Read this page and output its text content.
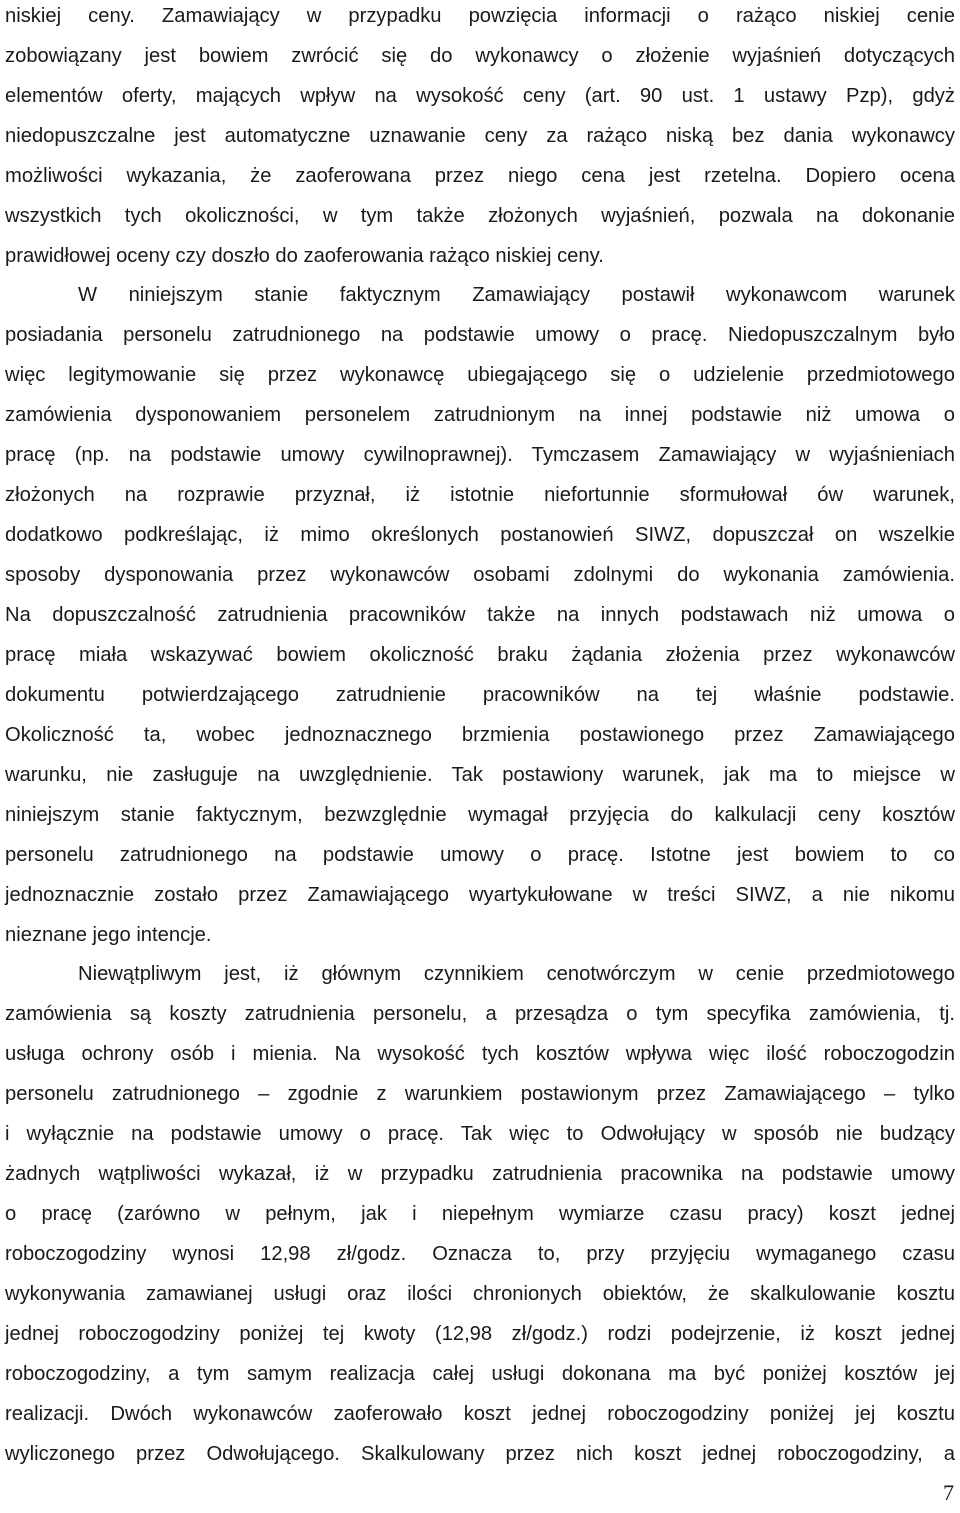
niskiej ceny. Zamawiający w przypadku powzięcia informacji o rażąco niskiej cenie
zobowiązany jest bowiem zwrócić się do wykonawcy o złożenie wyjaśnień dotyczących
elementów oferty, mających wpływ na wysokość ceny (art. 90 ust. 1 ustawy Pzp), gdyż
niedopuszczalne jest automatyczne uznawanie ceny za rażąco niską bez dania wykonawcy
możliwości wykazania, że zaoferowana przez niego cena jest rzetelna. Dopiero ocena
wszystkich tych okoliczności, w tym także złożonych wyjaśnień, pozwala na dokonanie
prawidłowej oceny czy doszło do zaoferowania rażąco niskiej ceny.
W niniejszym stanie faktycznym Zamawiający postawił wykonawcom warunek
posiadania personelu zatrudnionego na podstawie umowy o pracę. Niedopuszczalnym było
więc legitymowanie się przez wykonawcę ubiegającego się o udzielenie przedmiotowego
zamówienia dysponowaniem personelem zatrudnionym na innej podstawie niż umowa o
pracę (np. na podstawie umowy cywilnoprawnej). Tymczasem Zamawiający w wyjaśnieniach
złożonych na rozprawie przyznał, iż istotnie niefortunnie sformułował ów warunek,
dodatkowo podkreślając, iż mimo określonych postanowień SIWZ, dopuszczał on wszelkie
sposoby dysponowania przez wykonawców osobami zdolnymi do wykonania zamówienia.
Na dopuszczalność zatrudnienia pracowników także na innych podstawach niż umowa o
pracę miała wskazywać bowiem okoliczność braku żądania złożenia przez wykonawców
dokumentu potwierdzającego zatrudnienie pracowników na tej właśnie podstawie.
Okoliczność ta, wobec jednoznacznego brzmienia postawionego przez Zamawiającego
warunku, nie zasługuje na uwzględnienie. Tak postawiony warunek, jak ma to miejsce w
niniejszym stanie faktycznym, bezwzględnie wymagał przyjęcia do kalkulacji ceny kosztów
personelu zatrudnionego na podstawie umowy o pracę. Istotne jest bowiem to co
jednoznacznie zostało przez Zamawiającego wyartykułowane w treści SIWZ, a nie nikomu
nieznane jego intencje.
Niewątpliwym jest, iż głównym czynnikiem cenotwórczym w cenie przedmiotowego
zamówienia są koszty zatrudnienia personelu, a przesądza o tym specyfika zamówienia, tj.
usługa ochrony osób i mienia. Na wysokość tych kosztów wpływa więc ilość roboczogodzin
personelu zatrudnionego – zgodnie z warunkiem postawionym przez Zamawiającego – tylko
i wyłącznie na podstawie umowy o pracę. Tak więc to Odwołujący w sposób nie budzący
żadnych wątpliwości wykazał, iż w przypadku zatrudnienia pracownika na podstawie umowy
o pracę (zarówno w pełnym, jak i niepełnym wymiarze czasu pracy) koszt jednej
roboczogodziny wynosi 12,98 zł/godz. Oznacza to, przy przyjęciu wymaganego czasu
wykonywania zamawianej usługi oraz ilości chronionych obiektów, że skalkulowanie kosztu
jednej roboczogodziny poniżej tej kwoty (12,98 zł/godz.) rodzi podejrzenie, iż koszt jednej
roboczogodziny, a tym samym realizacja całej usługi dokonana ma być poniżej kosztów jej
realizacji. Dwóch wykonawców zaoferowało koszt jednej roboczogodziny poniżej jej kosztu
wyliczonego przez Odwołującego. Skalkulowany przez nich koszt jednej roboczogodziny, a
7
